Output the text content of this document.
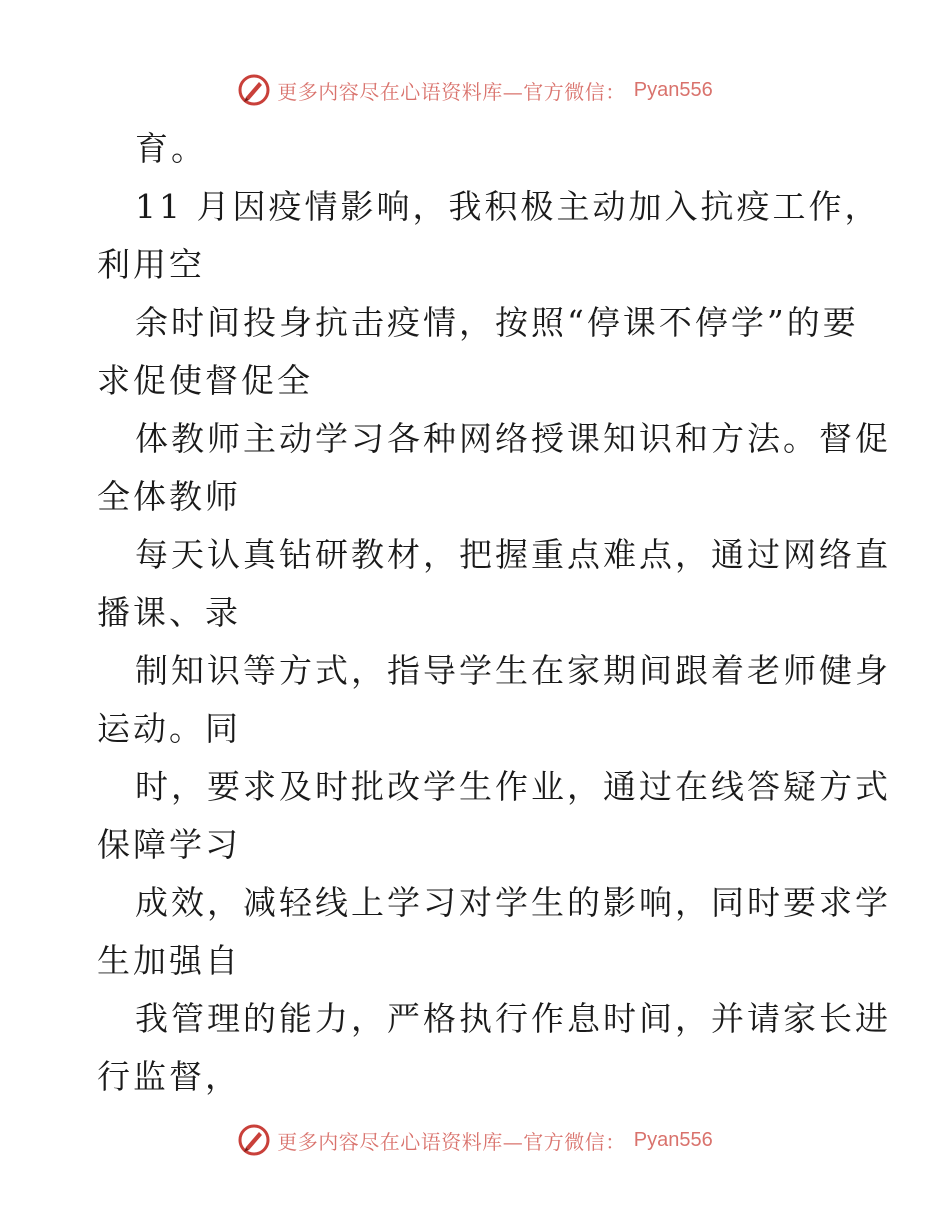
更多内容尽在心语资料库—官方微信： Pyan556
育。
11 月因疫情影响，我积极主动加入抗疫工作，
利用空
余时间投身抗击疫情，按照“停课不停学”的要
求促使督促全
体教师主动学习各种网络授课知识和方法。督促
全体教师
每天认真钻研教材，把握重点难点，通过网络直
播课、录
制知识等方式，指导学生在家期间跟着老师健身
运动。同
时，要求及时批改学生作业，通过在线答疑方式
保障学习
成效，减轻线上学习对学生的影响，同时要求学
生加强自
我管理的能力，严格执行作息时间，并请家长进
行监督，
更多内容尽在心语资料库—官方微信： Pyan556
